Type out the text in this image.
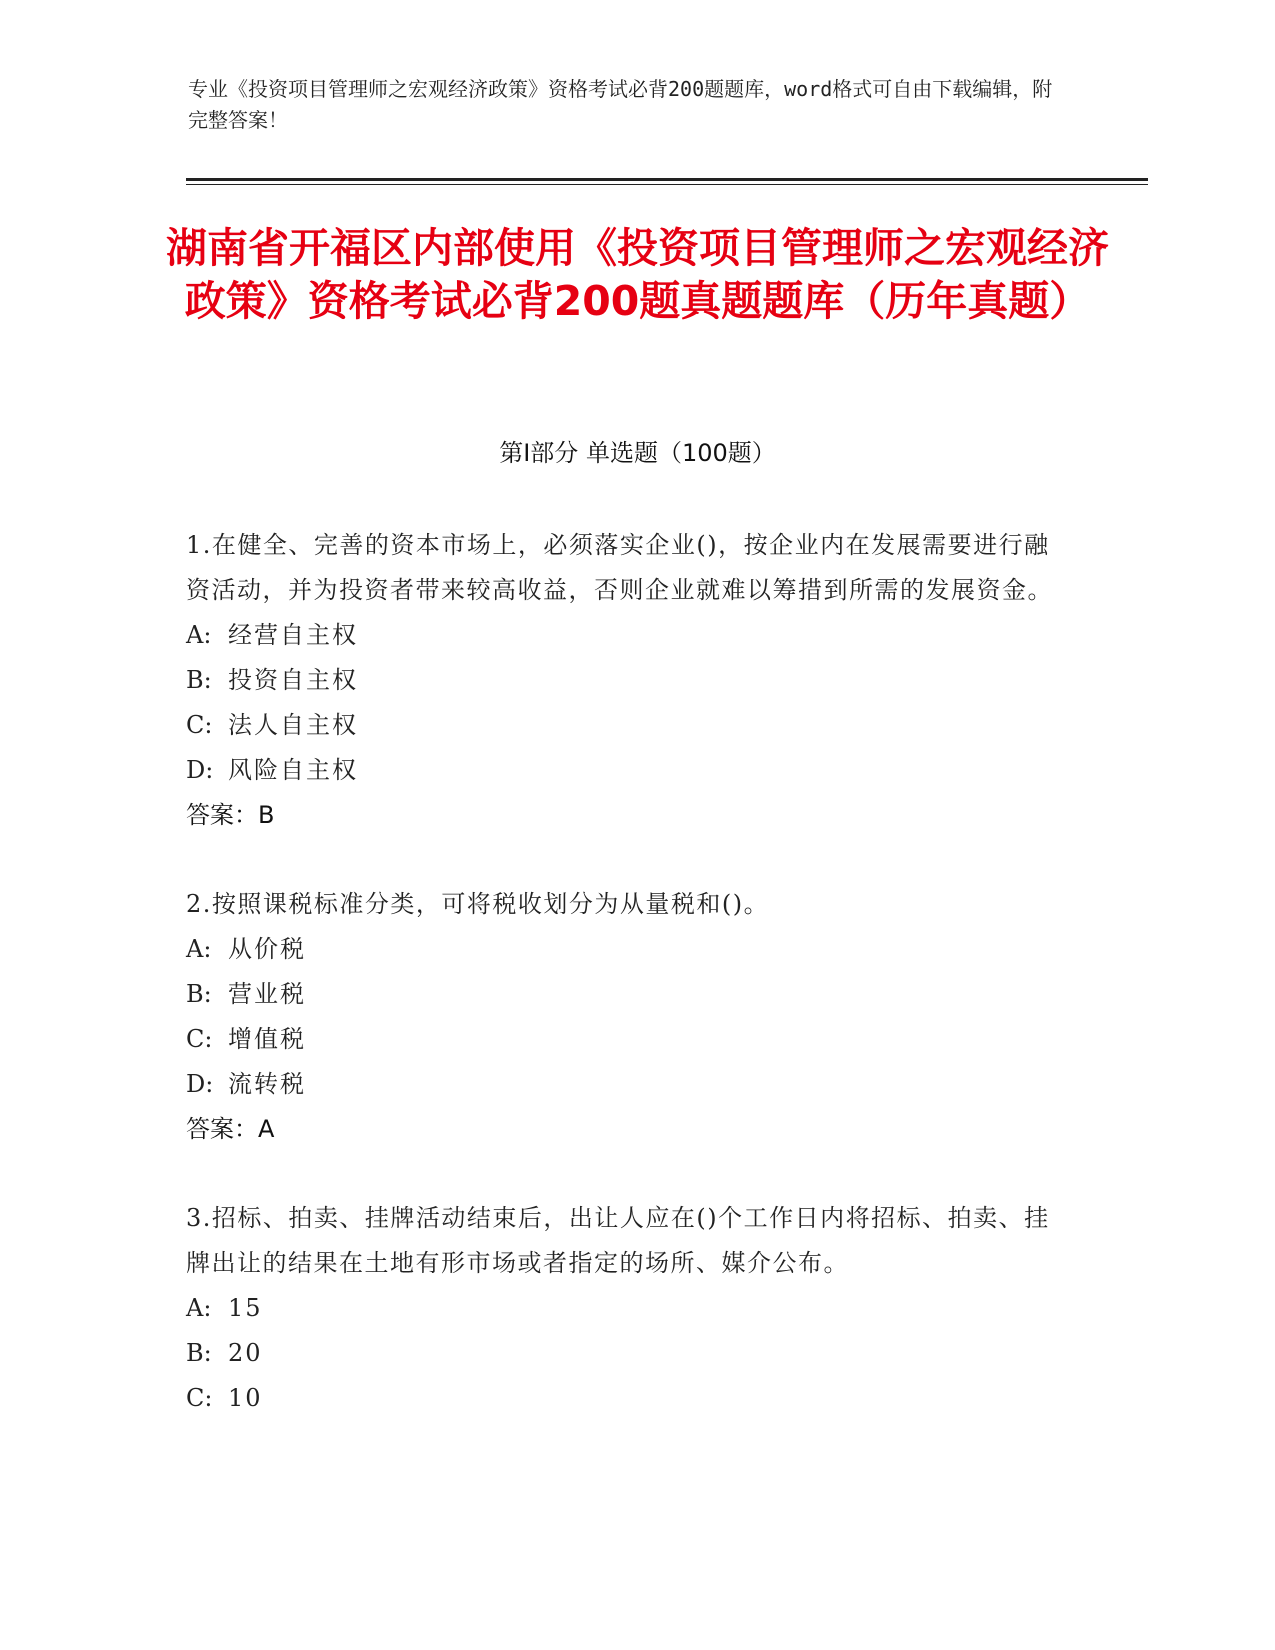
专业《投资项目管理师之宏观经济政策》资格考试必背200题题库，word格式可自由下载编辑，附完整答案！
湖南省开福区内部使用《投资项目管理师之宏观经济政策》资格考试必背200题真题题库（历年真题）
第Ⅰ部分 单选题（100题）
1.在健全、完善的资本市场上，必须落实企业()，按企业内在发展需要进行融资活动，并为投资者带来较高收益，否则企业就难以筹措到所需的发展资金。
A: 经营自主权
B: 投资自主权
C: 法人自主权
D: 风险自主权
答案：B
2.按照课税标准分类，可将税收划分为从量税和()。
A: 从价税
B: 营业税
C: 增值税
D: 流转税
答案：A
3.招标、拍卖、挂牌活动结束后，出让人应在()个工作日内将招标、拍卖、挂牌出让的结果在土地有形市场或者指定的场所、媒介公布。
A: 15
B: 20
C: 10
